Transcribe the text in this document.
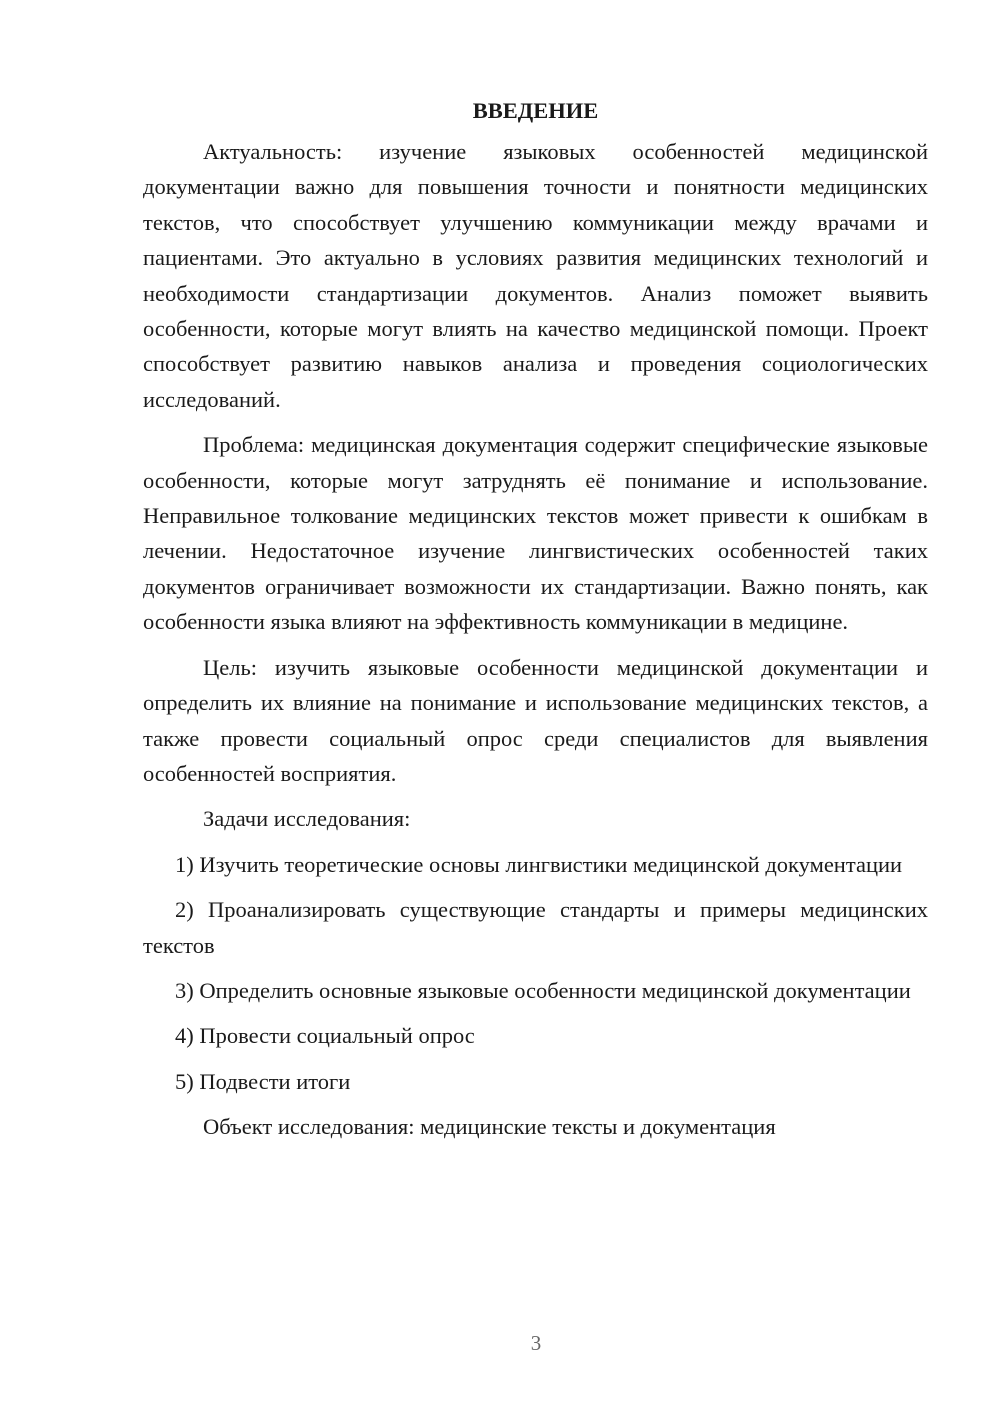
ВВЕДЕНИЕ

Актуальность: изучение языковых особенностей медицинской документации важно для повышения точности и понятности медицинских текстов, что способствует улучшению коммуникации между врачами и пациентами. Это актуально в условиях развития медицинских технологий и необходимости стандартизации документов. Анализ поможет выявить особенности, которые могут влиять на качество медицинской помощи. Проект способствует развитию навыков анализа и проведения социологических исследований.

Проблема: медицинская документация содержит специфические языковые особенности, которые могут затруднять её понимание и использование. Неправильное толкование медицинских текстов может привести к ошибкам в лечении. Недостаточное изучение лингвистических особенностей таких документов ограничивает возможности их стандартизации. Важно понять, как особенности языка влияют на эффективность коммуникации в медицине.

Цель: изучить языковые особенности медицинской документации и определить их влияние на понимание и использование медицинских текстов, а также провести социальный опрос среди специалистов для выявления особенностей восприятия.

Задачи исследования:

1) Изучить теоретические основы лингвистики медицинской документации

2) Проанализировать существующие стандарты и примеры медицинских текстов

3) Определить основные языковые особенности медицинской документации

4) Провести социальный опрос

5) Подвести итоги

Объект исследования: медицинские тексты и документация

3
